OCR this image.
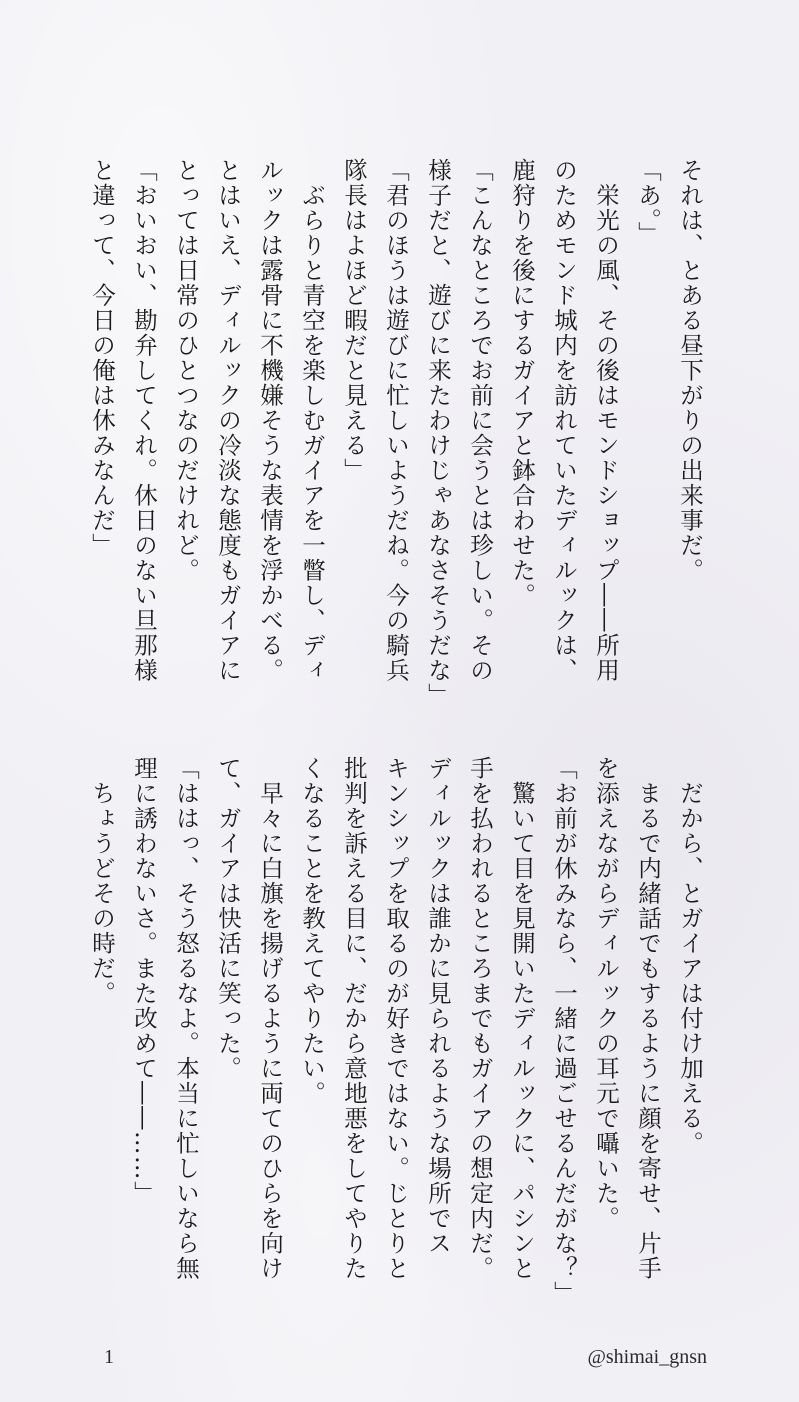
それは、とある昼下がりの出来事だ。
「あ。」
　栄光の風、その後はモンドショップ――所用
のためモンド城内を訪れていたディルックは、
鹿狩りを後にするガイアと鉢合わせた。
「こんなところでお前に会うとは珍しい。その
様子だと、遊びに来たわけじゃあなさそうだな」
「君のほうは遊びに忙しいようだね。今の騎兵
隊長はよほど暇だと見える」
　ぶらりと青空を楽しむガイアを一瞥し、ディ
ルックは露骨に不機嫌そうな表情を浮かべる。
とはいえ、ディルックの冷淡な態度もガイアに
とっては日常のひとつなのだけれど。
「おいおい、勘弁してくれ。休日のない旦那様
と違って、今日の俺は休みなんだ」
　だから、とガイアは付け加える。
　まるで内緒話でもするように顔を寄せ、片手
を添えながらディルックの耳元で囁いた。
「お前が休みなら、一緒に過ごせるんだがな？」
　驚いて目を見開いたディルックに、パシンと
手を払われるところまでもガイアの想定内だ。
ディルックは誰かに見られるような場所でス
キンシップを取るのが好きではない。じとりと
批判を訴える目に、だから意地悪をしてやりた
くなることを教えてやりたい。
　早々に白旗を揚げるように両てのひらを向け
て、ガイアは快活に笑った。
「ははっ、そう怒るなよ。本当に忙しいなら無
理に誘わないさ。また改めて――……」
　ちょうどその時だ。
1	@shimai_gnsn
